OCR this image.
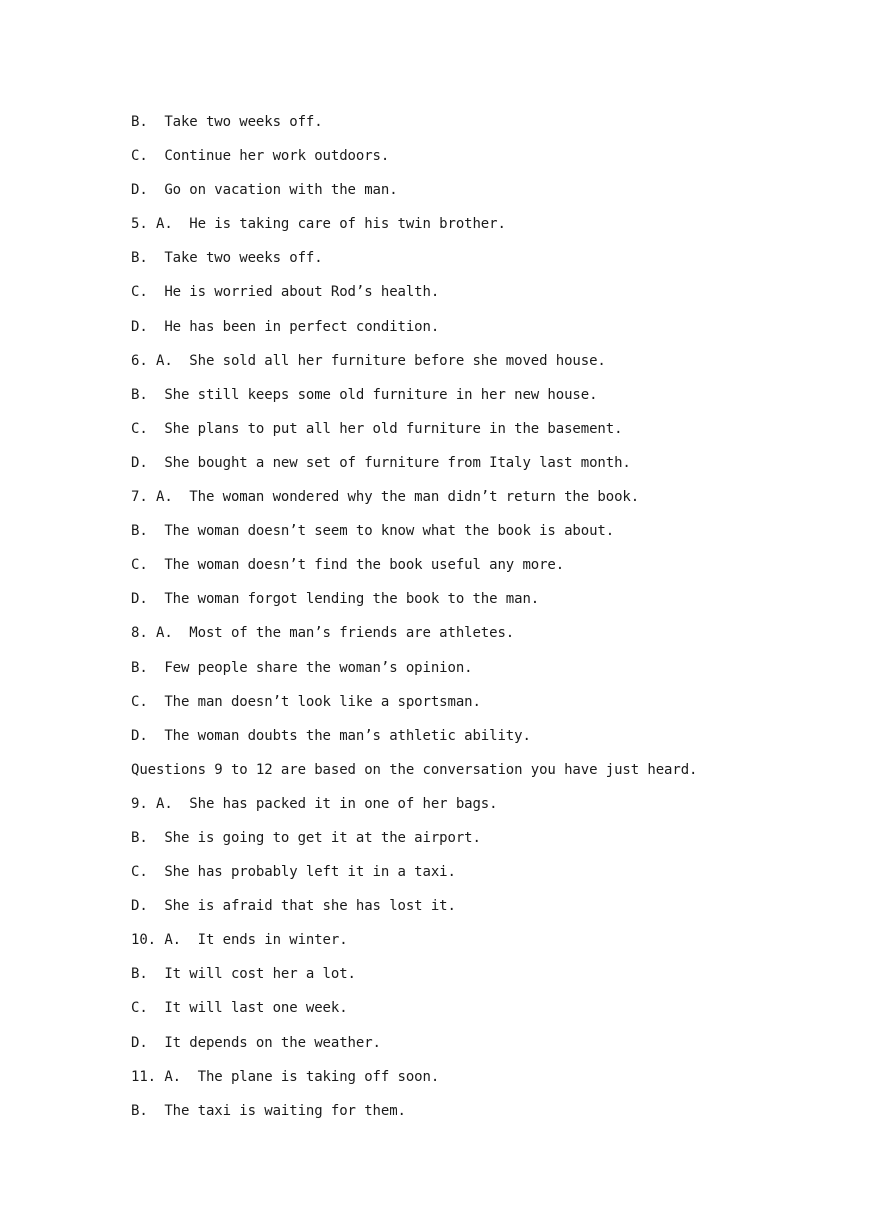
B.  Take two weeks off.
C.  Continue her work outdoors.
D.  Go on vacation with the man.
5. A.  He is taking care of his twin brother.
B.  Take two weeks off.
C.  He is worried about Rod’s health.
D.  He has been in perfect condition.
6. A.  She sold all her furniture before she moved house.
B.  She still keeps some old furniture in her new house.
C.  She plans to put all her old furniture in the basement.
D.  She bought a new set of furniture from Italy last month.
7. A.  The woman wondered why the man didn’t return the book.
B.  The woman doesn’t seem to know what the book is about.
C.  The woman doesn’t find the book useful any more.
D.  The woman forgot lending the book to the man.
8. A.  Most of the man’s friends are athletes.
B.  Few people share the woman’s opinion.
C.  The man doesn’t look like a sportsman.
D.  The woman doubts the man’s athletic ability.
Questions 9 to 12 are based on the conversation you have just heard.
9. A.  She has packed it in one of her bags.
B.  She is going to get it at the airport.
C.  She has probably left it in a taxi.
D.  She is afraid that she has lost it.
10. A.  It ends in winter.
B.  It will cost her a lot.
C.  It will last one week.
D.  It depends on the weather.
11. A.  The plane is taking off soon.
B.  The taxi is waiting for them.
